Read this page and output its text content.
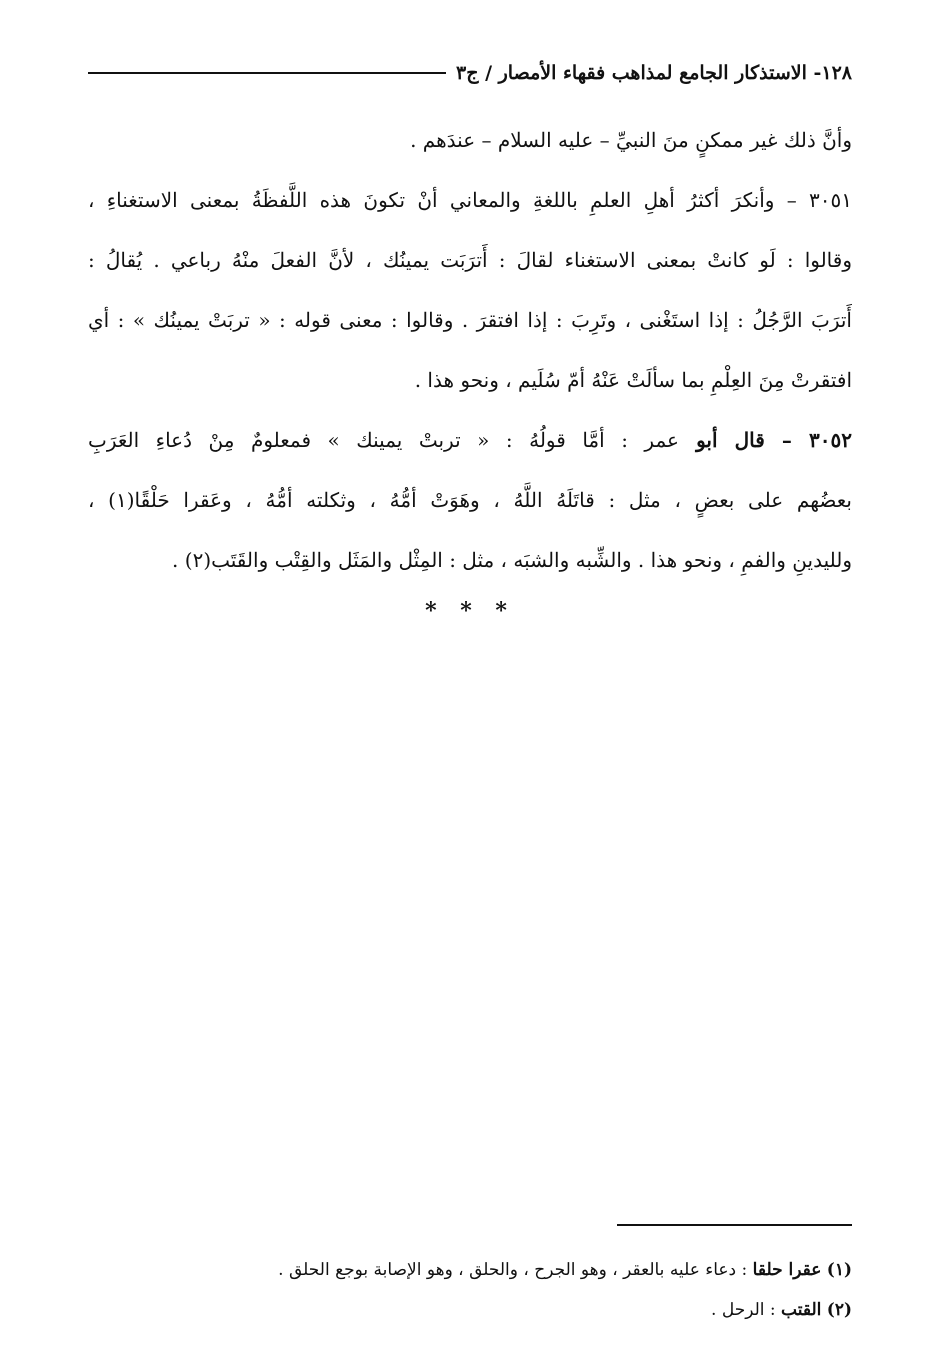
١٢٨- الاستذكار الجامع لمذاهب فقهاء الأمصار / ج٣
وأنَّ ذلك غير ممكنٍ منَ النبيِّ – عليه السلام – عندَهم .
٣٠٥١ – وأنكرَ أكثرُ أهلِ العلمِ باللغةِ والمعاني أنْ تكونَ هذه اللَّفظَةُ بمعنى الاستغناءِ ،
وقالوا : لَو كانتْ بمعنى الاستغناء لقالَ : أَترَبَت يمينُك ، لأنَّ الفعلَ منْهُ رباعي . يُقالُ :
أَترَبَ الرَّجُلُ : إذا استَغْنى ، وتَرِبَ : إذا افتقرَ . وقالوا : معنى قوله : « تربَتْ يمينُك » : أي
افتقرتْ مِنَ العِلْمِ بما سألَتْ عَنْهُ أمّ سُلَيم ، ونحو هذا .
٣٠٥٢ – قال أبو عمر : أمَّا قولُهُ : « تربتْ يمينك » فمعلومٌ مِنْ دُعاءِ العَرَبِ
بعضُهم على بعضٍ ، مثل : قاتَلَهُ اللَّهُ ، وهَوَتْ أمُّهُ ، وثكلته أمُّهُ ، وعَقرا حَلْقًا(١) ،
ولليدينِ والفمِ ، ونحو هذا . والشِّبه والشبَه ، مثل : المِثْل والمَثَل والقِتْب والقَتَب(٢) .
* * *
(١) عقرا حلقا : دعاء عليه بالعقر ، وهو الجرح ، والحلق ، وهو الإصابة بوجع الحلق .
(٢) القتب : الرحل .
